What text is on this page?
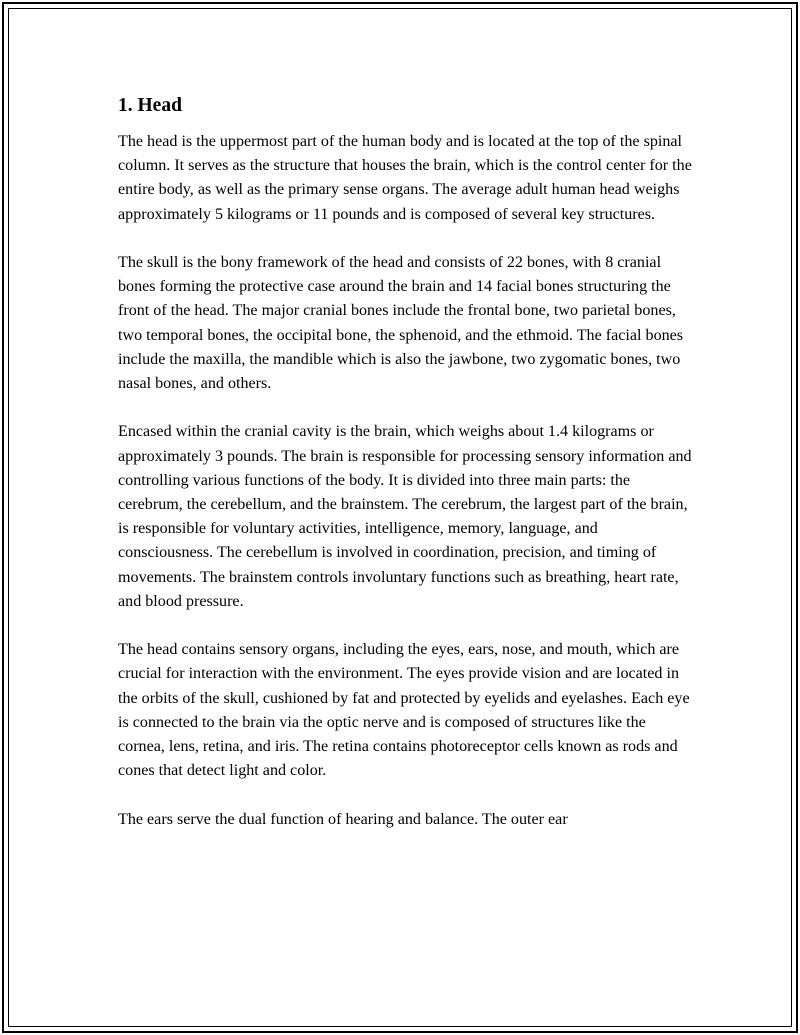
1. Head

The head is the uppermost part of the human body and is located at the top of the spinal column. It serves as the structure that houses the brain, which is the control center for the entire body, as well as the primary sense organs. The average adult human head weighs approximately 5 kilograms or 11 pounds and is composed of several key structures.

The skull is the bony framework of the head and consists of 22 bones, with 8 cranial bones forming the protective case around the brain and 14 facial bones structuring the front of the head. The major cranial bones include the frontal bone, two parietal bones, two temporal bones, the occipital bone, the sphenoid, and the ethmoid. The facial bones include the maxilla, the mandible which is also the jawbone, two zygomatic bones, two nasal bones, and others.

Encased within the cranial cavity is the brain, which weighs about 1.4 kilograms or approximately 3 pounds. The brain is responsible for processing sensory information and controlling various functions of the body. It is divided into three main parts: the cerebrum, the cerebellum, and the brainstem. The cerebrum, the largest part of the brain, is responsible for voluntary activities, intelligence, memory, language, and consciousness. The cerebellum is involved in coordination, precision, and timing of movements. The brainstem controls involuntary functions such as breathing, heart rate, and blood pressure.

The head contains sensory organs, including the eyes, ears, nose, and mouth, which are crucial for interaction with the environment. The eyes provide vision and are located in the orbits of the skull, cushioned by fat and protected by eyelids and eyelashes. Each eye is connected to the brain via the optic nerve and is composed of structures like the cornea, lens, retina, and iris. The retina contains photoreceptor cells known as rods and cones that detect light and color.

The ears serve the dual function of hearing and balance. The outer ear
